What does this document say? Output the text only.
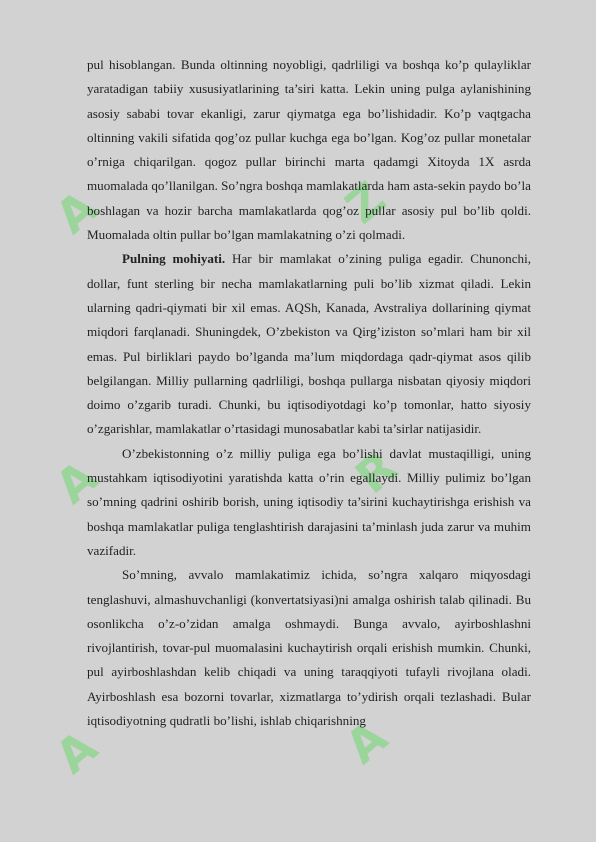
A	Z
A	R
A	A

pul hisoblangan. Bunda oltinning noyobligi, qadrliligi va boshqa ko’p qulayliklar yaratadigan tabiiy xususiyatlarining ta’siri katta. Lekin uning pulga aylanishining asosiy sababi tovar ekanligi, zarur qiymatga ega bo’lishidadir. Ko’p vaqtgacha oltinning vakili sifatida qog’oz pullar kuchga ega bo’lgan. Kog’oz pullar monetalar o’rniga chiqarilgan. qogoz pullar birinchi marta qadamgi Xitoyda 1X asrda muomalada qo’llanilgan. So’ngra boshqa mamlakatlarda ham asta-sekin paydo bo’la boshlagan va hozir barcha mamlakatlarda qog’oz pullar asosiy pul bo’lib qoldi. Muomalada oltin pullar bo’lgan mamlakatning o’zi qolmadi.

Pulning mohiyati. Har bir mamlakat o’zining puliga egadir. Chunonchi, dollar, funt sterling bir necha mamlakatlarning puli bo’lib xizmat qiladi. Lekin ularning qadri-qiymati bir xil emas. AQSh, Kanada, Avstraliya dollarining qiymat miqdori farqlanadi. Shuningdek, O’zbekiston va Qirg’iziston so’mlari ham bir xil emas. Pul birliklari paydo bo’lganda ma’lum miqdordaga qadr-qiymat asos qilib belgilangan. Milliy pullarning qadrliligi, boshqa pullarga nisbatan qiyosiy miqdori doimo o’zgarib turadi. Chunki, bu iqtisodiyotdagi ko’p tomonlar, hatto siyosiy o’zgarishlar, mamlakatlar o’rtasidagi munosabatlar kabi ta’sirlar natijasidir.

O’zbekistonning o’z milliy puliga ega bo’lishi davlat mustaqilligi, uning mustahkam iqtisodiyotini yaratishda katta o’rin egallaydi. Milliy pulimiz bo’lgan so’mning qadrini oshirib borish, uning iqtisodiy ta’sirini kuchaytirishga erishish va boshqa mamlakatlar puliga tenglashtirish darajasini ta’minlash juda zarur va muhim vazifadir.

So’mning, avvalo mamlakatimiz ichida, so’ngra xalqaro miqyosdagi tenglashuvi, almashuvchanligi (konvertatsiyasi)ni amalga oshirish talab qilinadi. Bu osonlikcha o’z-o’zidan amalga oshmaydi. Bunga avvalo, ayirboshlashni rivojlantirish, tovar-pul muomalasini kuchaytirish orqali erishish mumkin. Chunki, pul ayirboshlashdan kelib chiqadi va uning taraqqiyoti tufayli rivojlana oladi. Ayirboshlash esa bozorni tovarlar, xizmatlarga to’ydirish orqali tezlashadi. Bular iqtisodiyotning qudratli bo’lishi, ishlab chiqarishning
